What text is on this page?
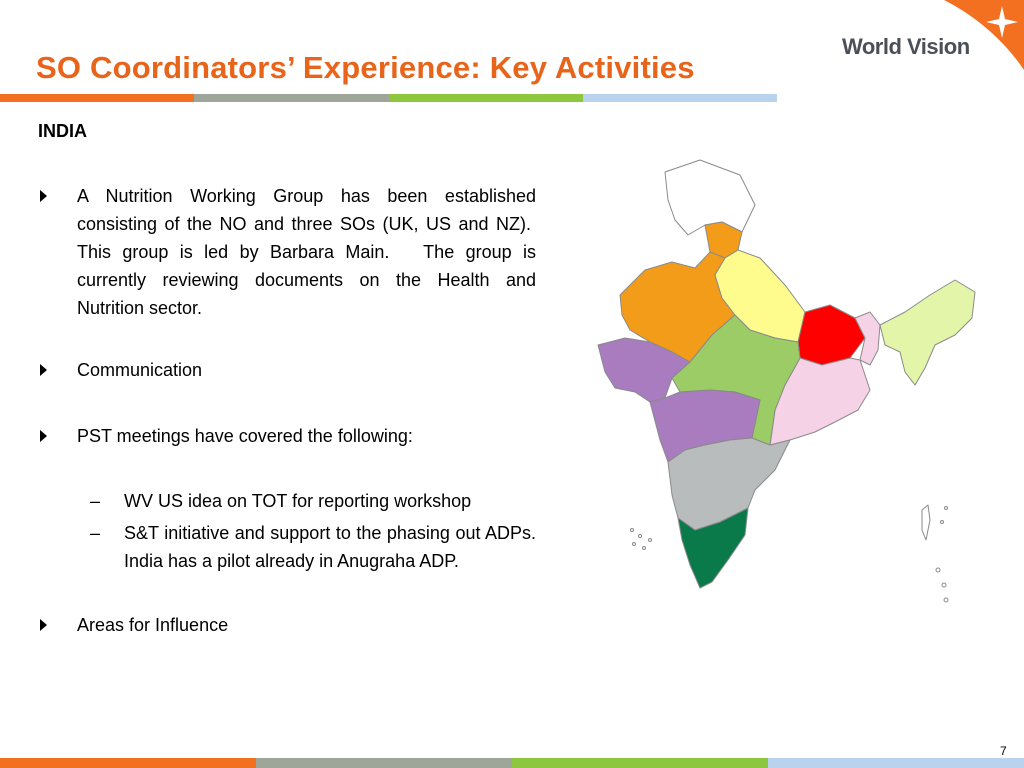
World Vision
SO Coordinators’ Experience: Key Activities

INDIA

A Nutrition Working Group has been established consisting of the NO and three SOs (UK, US and NZ).  This group is led by Barbara Main.   The group is currently reviewing documents on the Health and Nutrition sector.

Communication

PST meetings have covered the following:

– WV US idea on TOT for reporting workshop

– S&T initiative and support to the phasing out ADPs. India has a pilot already in Anugraha ADP.

Areas for Influence

7
